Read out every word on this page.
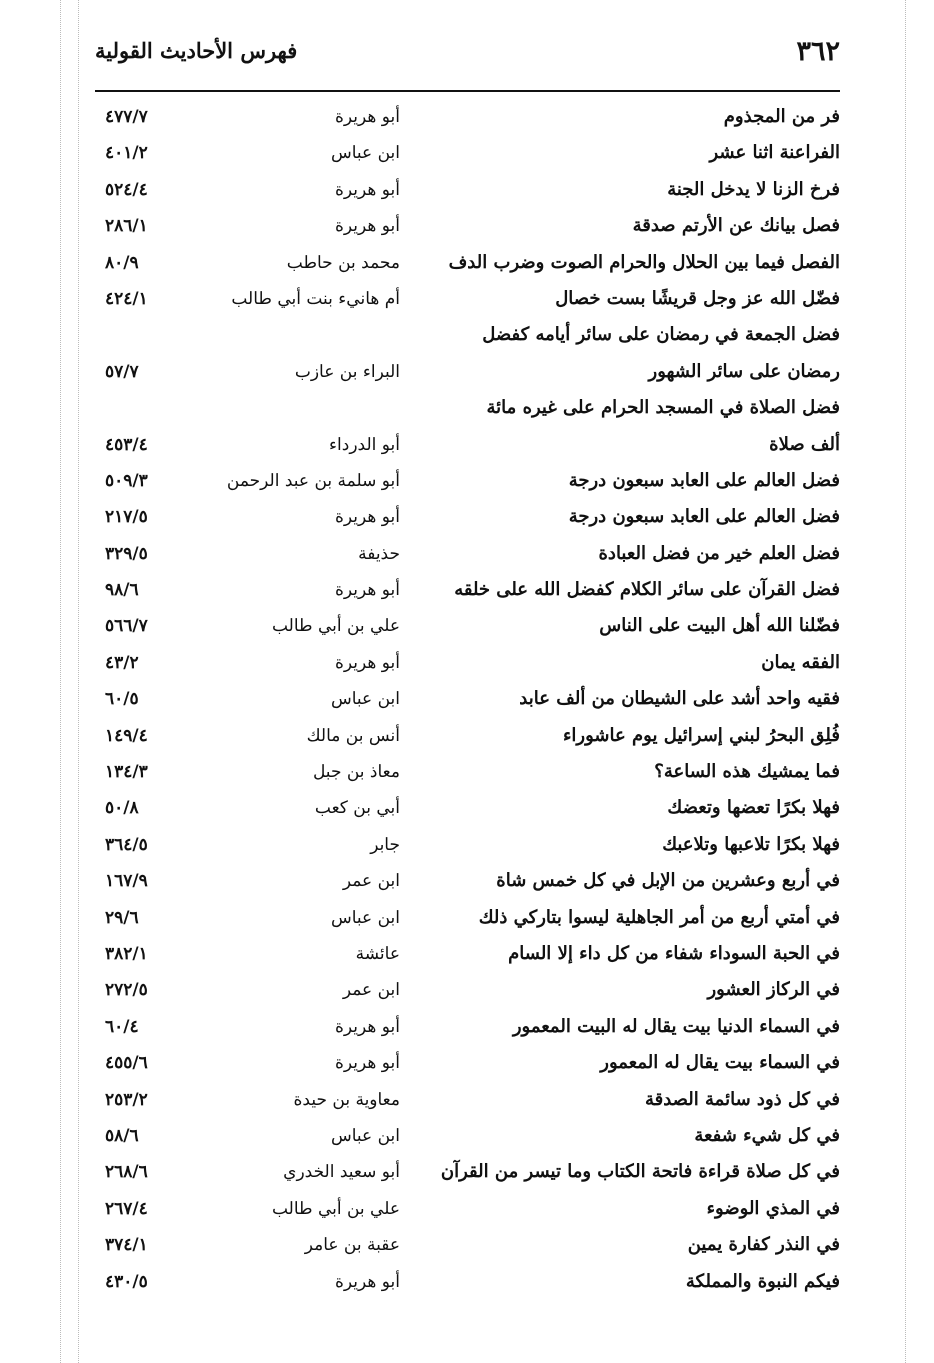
٣٦٢
فهرس الأحاديث القولية
فر من المجذوم
أبو هريرة
٤٧٧/٧
الفراعنة اثنا عشر
ابن عباس
٤٠١/٢
فرخ الزنا لا يدخل الجنة
أبو هريرة
٥٢٤/٤
فصل بيانك عن الأرتم صدقة
أبو هريرة
٢٨٦/١
الفصل فيما بين الحلال والحرام الصوت وضرب الدف
محمد بن حاطب
٨٠/٩
فضّل الله عز وجل قريشًا بست خصال
أم هانيء بنت أبي طالب
٤٢٤/١
فضل الجمعة في رمضان على سائر أيامه كفضل
رمضان على سائر الشهور
البراء بن عازب
٥٧/٧
فضل الصلاة في المسجد الحرام على غيره مائة
ألف صلاة
أبو الدرداء
٤٥٣/٤
فضل العالم على العابد سبعون درجة
أبو سلمة بن عبد الرحمن
٥٠٩/٣
فضل العالم على العابد سبعون درجة
أبو هريرة
٢١٧/٥
فضل العلم خير من فضل العبادة
حذيفة
٣٢٩/٥
فضل القرآن على سائر الكلام كفضل الله على خلقه
أبو هريرة
٩٨/٦
فضّلنا الله أهل البيت على الناس
علي بن أبي طالب
٥٦٦/٧
الفقه يمان
أبو هريرة
٤٣/٢
فقيه واحد أشد على الشيطان من ألف عابد
ابن عباس
٦٠/٥
فُلِق البحرُ لبني إسرائيل يوم عاشوراء
أنس بن مالك
١٤٩/٤
فما يمشيك هذه الساعة؟
معاذ بن جبل
١٣٤/٣
فهلا بكرًا تعضها وتعضك
أبي بن كعب
٥٠/٨
فهلا بكرًا تلاعبها وتلاعبك
جابر
٣٦٤/٥
في أربع وعشرين من الإبل في كل خمس شاة
ابن عمر
١٦٧/٩
في أمتي أربع من أمر الجاهلية ليسوا بتاركي ذلك
ابن عباس
٢٩/٦
في الحبة السوداء شفاء من كل داء إلا السام
عائشة
٣٨٢/١
في الركاز العشور
ابن عمر
٢٧٢/٥
في السماء الدنيا بيت يقال له البيت المعمور
أبو هريرة
٦٠/٤
في السماء بيت يقال له المعمور
أبو هريرة
٤٥٥/٦
في كل ذود سائمة الصدقة
معاوية بن حيدة
٢٥٣/٢
في كل شيء شفعة
ابن عباس
٥٨/٦
في كل صلاة قراءة فاتحة الكتاب وما تيسر من القرآن
أبو سعيد الخدري
٢٦٨/٦
في المذي الوضوء
علي بن أبي طالب
٢٦٧/٤
في النذر كفارة يمين
عقبة بن عامر
٣٧٤/١
فيكم النبوة والمملكة
أبو هريرة
٤٣٠/٥
